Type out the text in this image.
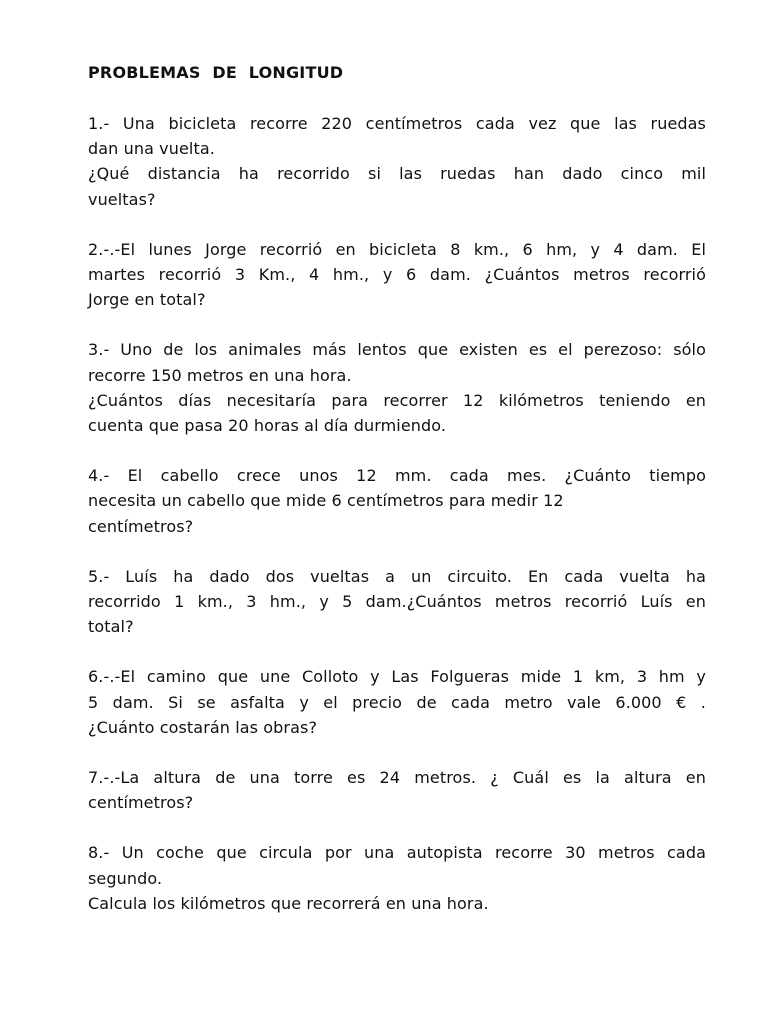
PROBLEMAS DE LONGITUD
1.- Una bicicleta recorre 220 centímetros cada vez que las ruedas
dan una vuelta.
¿Qué distancia ha recorrido si las ruedas han dado cinco mil
vueltas?
2.-.-El lunes Jorge recorrió en bicicleta 8 km., 6 hm, y 4 dam. El
martes recorrió 3 Km., 4 hm., y 6 dam. ¿Cuántos metros recorrió
Jorge en total?
3.- Uno de los animales más lentos que existen es el perezoso: sólo
recorre 150 metros en una hora.
¿Cuántos días necesitaría para recorrer 12 kilómetros teniendo en
cuenta que pasa 20 horas al día durmiendo.
4.- El cabello crece unos 12 mm. cada mes. ¿Cuánto tiempo
necesita un cabello que mide 6 centímetros para medir 12
centímetros?
5.- Luís ha dado dos vueltas a un circuito. En cada vuelta ha
recorrido 1 km., 3 hm., y 5 dam.¿Cuántos metros recorrió Luís en
total?
6.-.-El camino que une Colloto y Las Folgueras mide 1 km, 3 hm y
5 dam. Si se asfalta y el precio de cada metro vale 6.000 € .
¿Cuánto costarán las obras?
7.-.-La altura de una torre es 24 metros. ¿ Cuál es la altura en
centímetros?
8.- Un coche que circula por una autopista recorre 30 metros cada
segundo.
Calcula los kilómetros que recorrerá en una hora.
